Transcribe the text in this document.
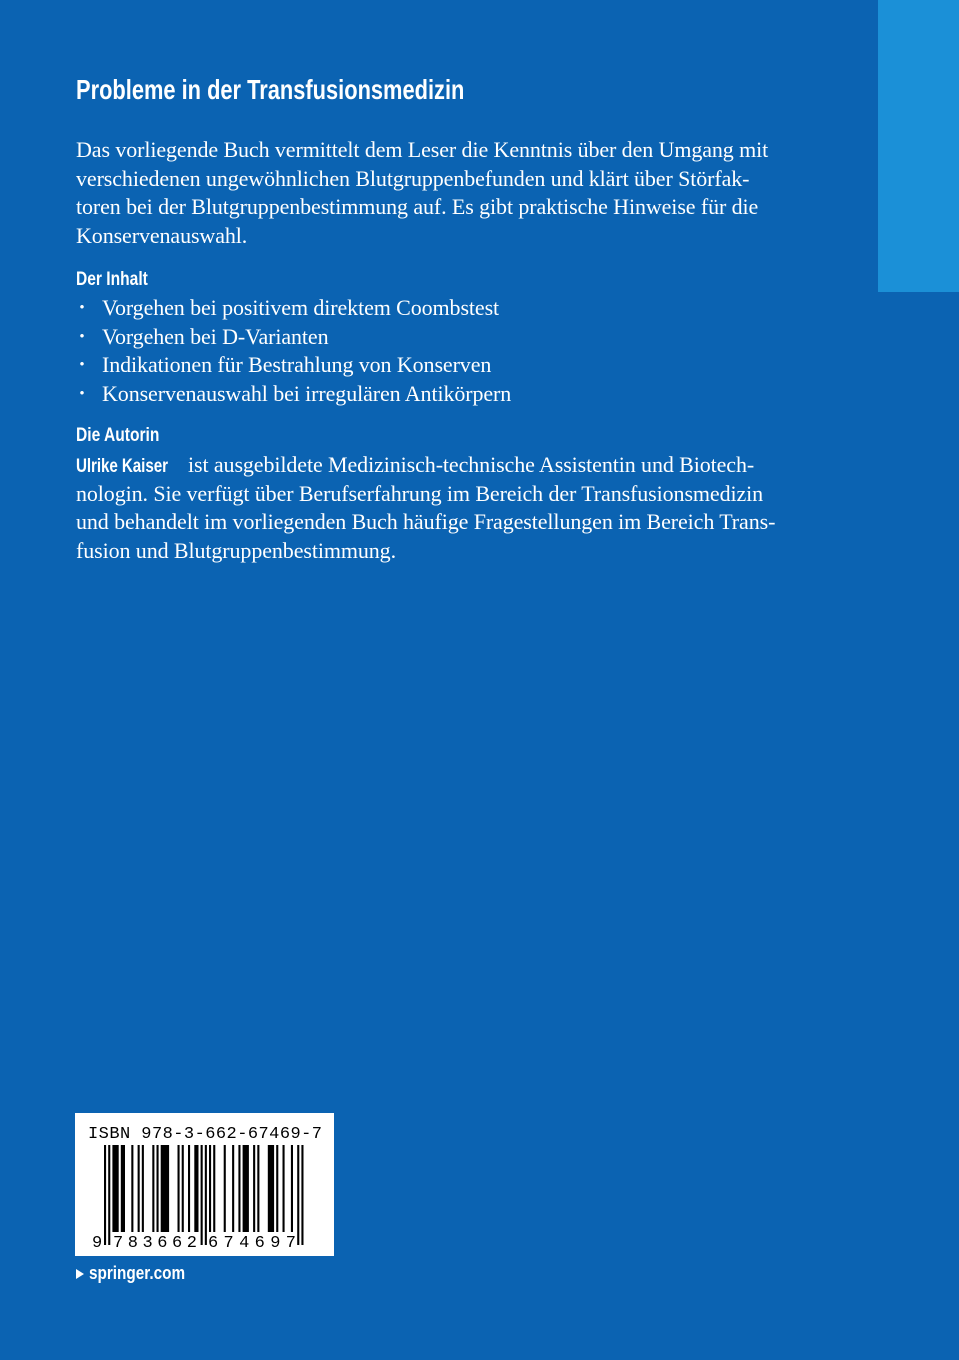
Probleme in der Transfusionsmedizin
Das vorliegende Buch vermittelt dem Leser die Kenntnis über den Umgang mit
verschiedenen ungewöhnlichen Blutgruppenbefunden und klärt über Störfak-
toren bei der Blutgruppenbestimmung auf. Es gibt praktische Hinweise für die
Konservenauswahl.
Der Inhalt
• Vorgehen bei positivem direktem Coombstest
• Vorgehen bei D-Varianten
• Indikationen für Bestrahlung von Konserven
• Konservenauswahl bei irregulären Antikörpern
Die Autorin
Ulrike Kaiser ist ausgebildete Medizinisch-technische Assistentin und Biotech-
nologin. Sie verfügt über Berufserfahrung im Bereich der Transfusionsmedizin
und behandelt im vorliegenden Buch häufige Fragestellungen im Bereich Trans-
fusion und Blutgruppenbestimmung.
ISBN 978-3-662-67469-7
9 783662 674697
springer.com
